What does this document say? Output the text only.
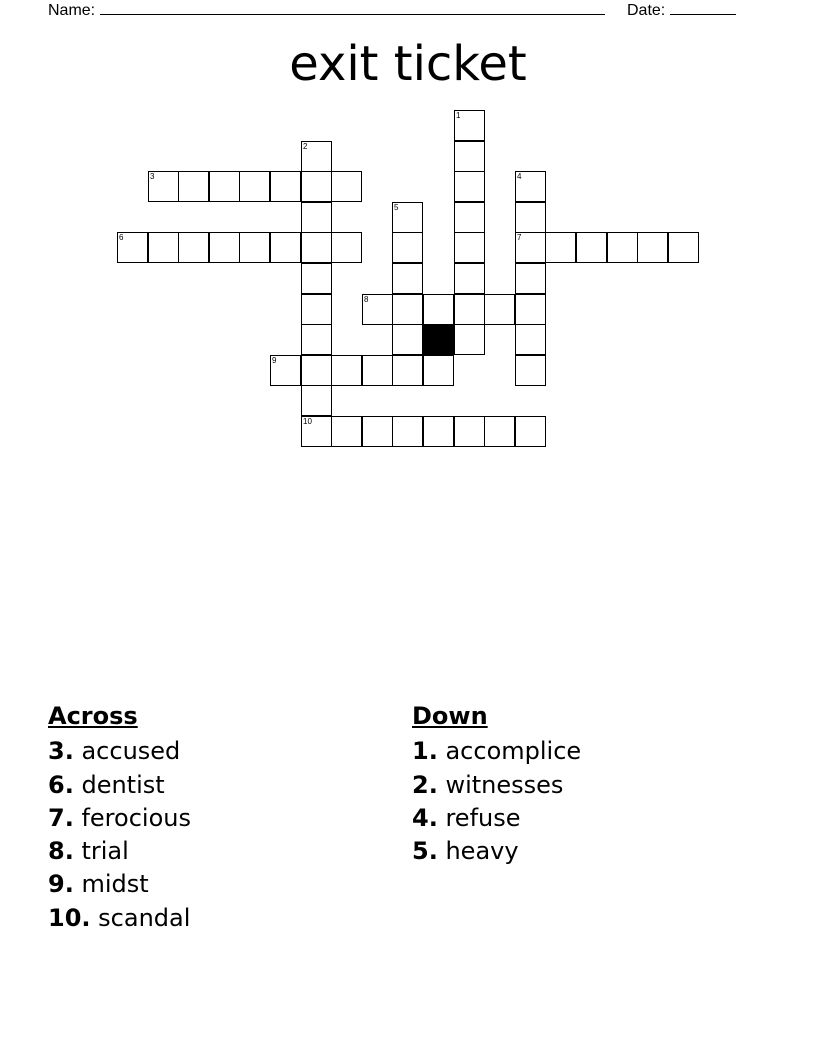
Name:	Date:
exit ticket
1
2
3	4
5
6	7
8
9
10
Across
3. accused
6. dentist
7. ferocious
8. trial
9. midst
10. scandal
Down
1. accomplice
2. witnesses
4. refuse
5. heavy
